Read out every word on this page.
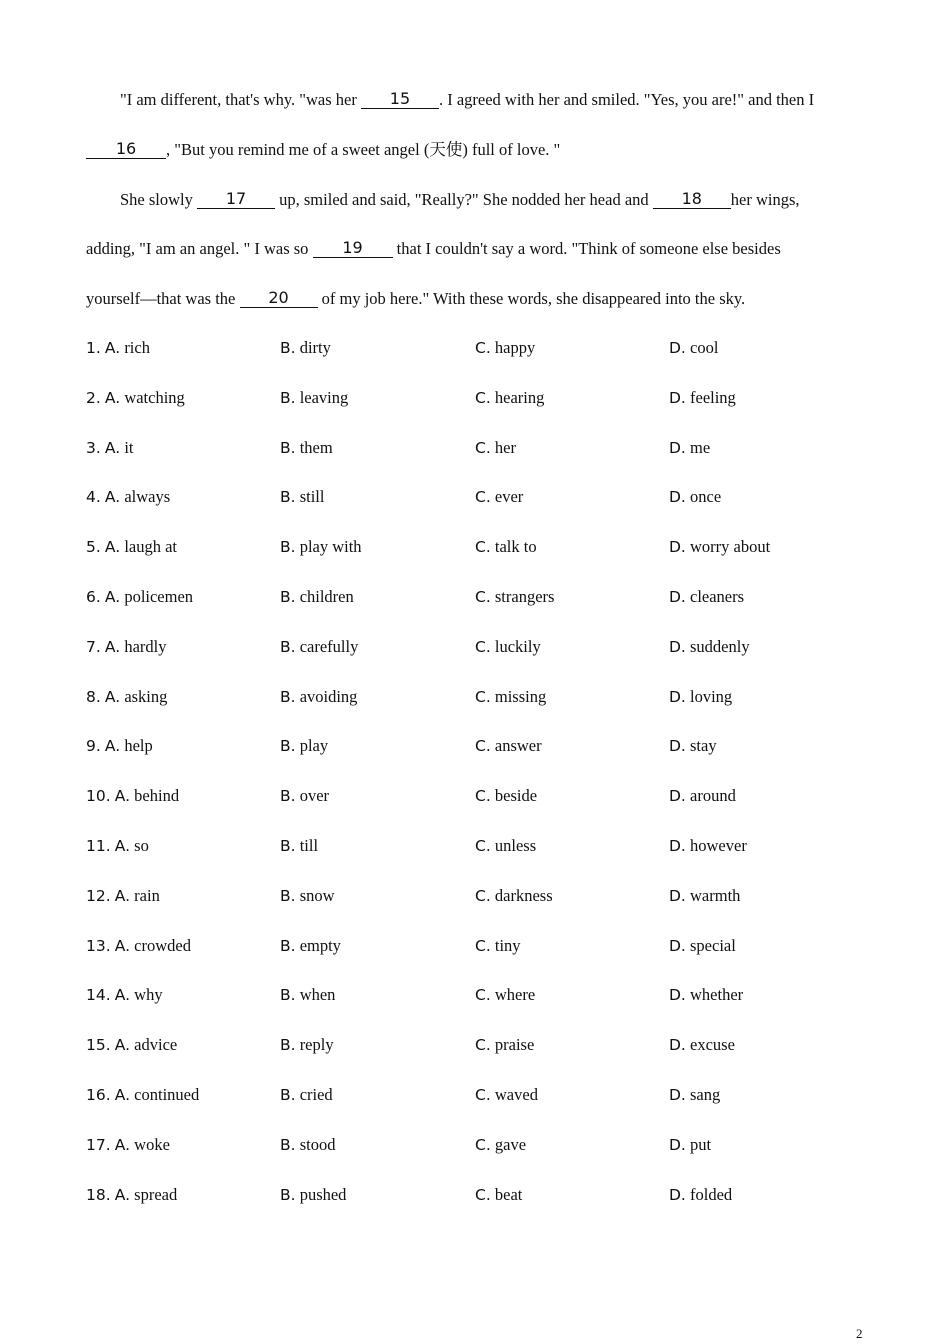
"I am different, that's why. "was her 15 . I agreed with her and smiled. "Yes, you are!" and then I
16 , "But you remind me of a sweet angel (天使) full of love. "
She slowly 17 up, smiled and said, "Really?" She nodded her head and 18 her wings,
adding, "I am an angel. " I was so 19 that I couldn't say a word. "Think of someone else besides
yourself—that was the 20 of my job here." With these words, she disappeared into the sky.
1. A. rich	B. dirty	C. happy	D. cool
2. A. watching	B. leaving	C. hearing	D. feeling
3. A. it	B. them	C. her	D. me
4. A. always	B. still	C. ever	D. once
5. A. laugh at	B. play with	C. talk to	D. worry about
6. A. policemen	B. children	C. strangers	D. cleaners
7. A. hardly	B. carefully	C. luckily	D. suddenly
8. A. asking	B. avoiding	C. missing	D. loving
9. A. help	B. play	C. answer	D. stay
10. A. behind	B. over	C. beside	D. around
11. A. so	B. till	C. unless	D. however
12. A. rain	B. snow	C. darkness	D. warmth
13. A. crowded	B. empty	C. tiny	D. special
14. A. why	B. when	C. where	D. whether
15. A. advice	B. reply	C. praise	D. excuse
16. A. continued	B. cried	C. waved	D. sang
17. A. woke	B. stood	C. gave	D. put
18. A. spread	B. pushed	C. beat	D. folded
2
